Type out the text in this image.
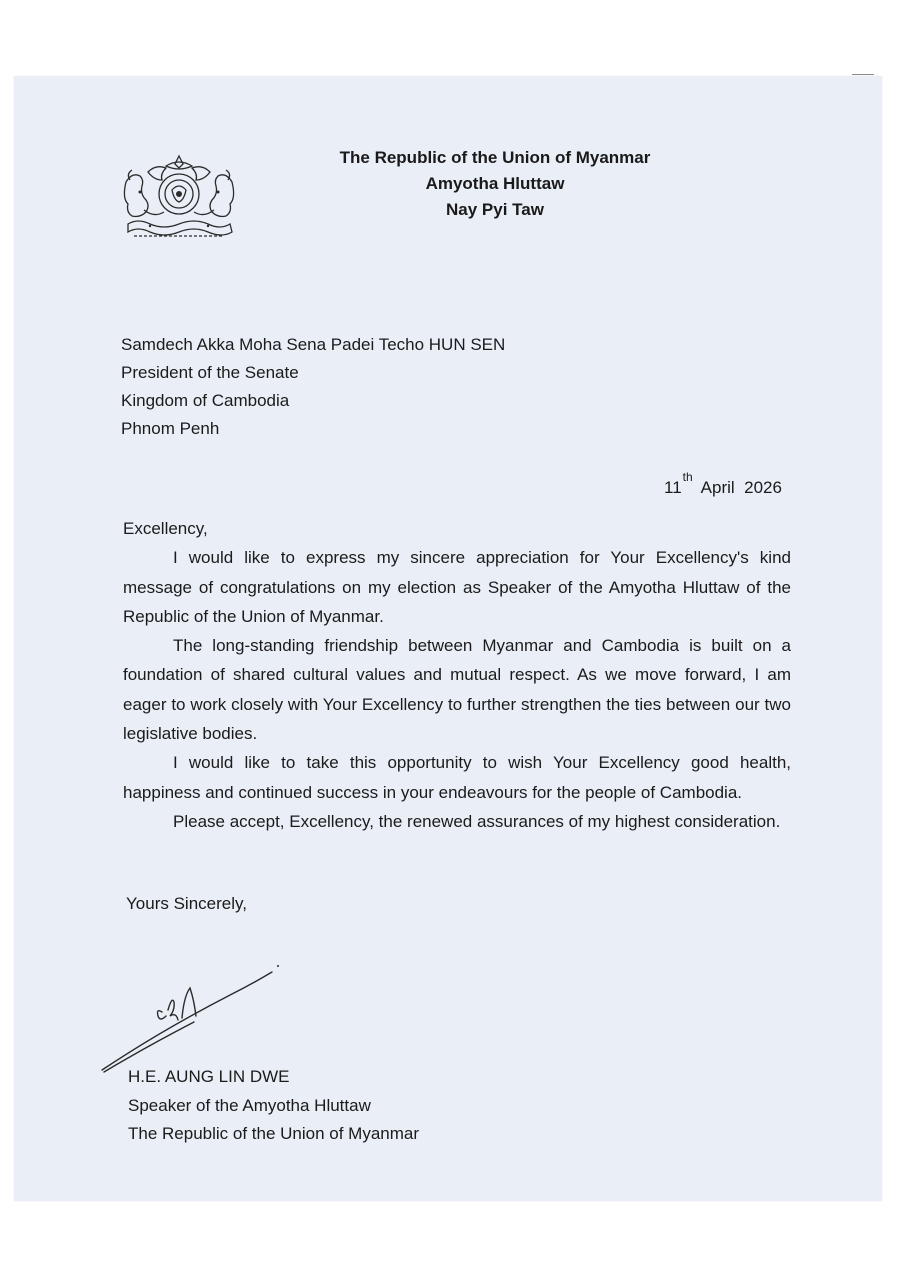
The Republic of the Union of Myanmar
Amyotha Hluttaw
Nay Pyi Taw
Samdech Akka Moha Sena Padei Techo HUN SEN
President of the Senate
Kingdom of Cambodia
Phnom Penh
11thApril  2026

Excellency,

I would like to express my sincere appreciation for Your Excellency's kind message of congratulations on my election as Speaker of the Amyotha Hluttaw of the Republic of the Union of Myanmar.

The long-standing friendship between Myanmar and Cambodia is built on a foundation of shared cultural values and mutual respect. As we move forward, I am eager to work closely with Your Excellency to further strengthen the ties between our two legislative bodies.

I would like to take this opportunity to wish Your Excellency good health, happiness and continued success in your endeavours for the people of Cambodia.

Please accept, Excellency, the renewed assurances of my highest consideration.

Yours Sincerely,
H.E. AUNG LIN DWE
Speaker of the Amyotha Hluttaw
The Republic of the Union of Myanmar
